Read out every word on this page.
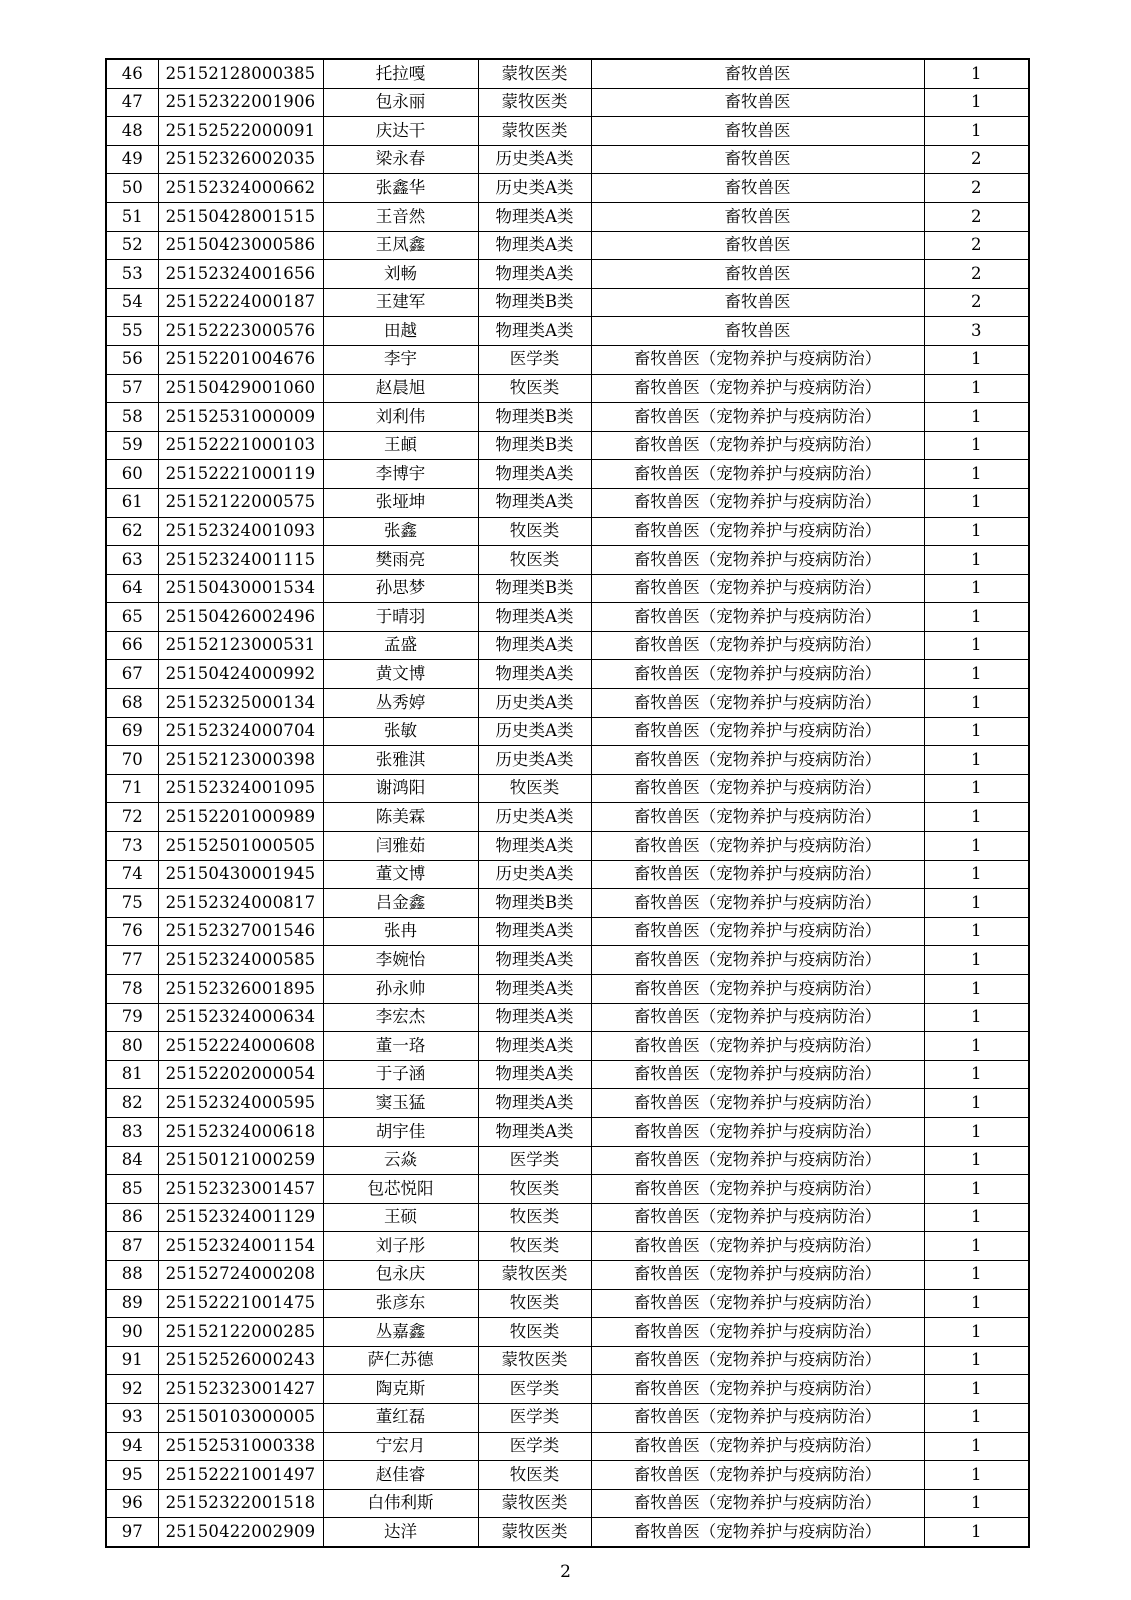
46	25152128000385	托拉嘎	蒙牧医类	畜牧兽医	1
47	25152322001906	包永丽	蒙牧医类	畜牧兽医	1
48	25152522000091	庆达干	蒙牧医类	畜牧兽医	1
49	25152326002035	梁永春	历史类A类	畜牧兽医	2
50	25152324000662	张鑫华	历史类A类	畜牧兽医	2
51	25150428001515	王音然	物理类A类	畜牧兽医	2
52	25150423000586	王凤鑫	物理类A类	畜牧兽医	2
53	25152324001656	刘畅	物理类A类	畜牧兽医	2
54	25152224000187	王建军	物理类B类	畜牧兽医	2
55	25152223000576	田越	物理类A类	畜牧兽医	3
56	25152201004676	李宇	医学类	畜牧兽医（宠物养护与疫病防治）	1
57	25150429001060	赵晨旭	牧医类	畜牧兽医（宠物养护与疫病防治）	1
58	25152531000009	刘利伟	物理类B类	畜牧兽医（宠物养护与疫病防治）	1
59	25152221000103	王頔	物理类B类	畜牧兽医（宠物养护与疫病防治）	1
60	25152221000119	李博宇	物理类A类	畜牧兽医（宠物养护与疫病防治）	1
61	25152122000575	张垭坤	物理类A类	畜牧兽医（宠物养护与疫病防治）	1
62	25152324001093	张鑫	牧医类	畜牧兽医（宠物养护与疫病防治）	1
63	25152324001115	樊雨亮	牧医类	畜牧兽医（宠物养护与疫病防治）	1
64	25150430001534	孙思梦	物理类B类	畜牧兽医（宠物养护与疫病防治）	1
65	25150426002496	于晴羽	物理类A类	畜牧兽医（宠物养护与疫病防治）	1
66	25152123000531	孟盛	物理类A类	畜牧兽医（宠物养护与疫病防治）	1
67	25150424000992	黄文博	物理类A类	畜牧兽医（宠物养护与疫病防治）	1
68	25152325000134	丛秀婷	历史类A类	畜牧兽医（宠物养护与疫病防治）	1
69	25152324000704	张敏	历史类A类	畜牧兽医（宠物养护与疫病防治）	1
70	25152123000398	张雅淇	历史类A类	畜牧兽医（宠物养护与疫病防治）	1
71	25152324001095	谢鸿阳	牧医类	畜牧兽医（宠物养护与疫病防治）	1
72	25152201000989	陈美霖	历史类A类	畜牧兽医（宠物养护与疫病防治）	1
73	25152501000505	闫雅茹	物理类A类	畜牧兽医（宠物养护与疫病防治）	1
74	25150430001945	董文博	历史类A类	畜牧兽医（宠物养护与疫病防治）	1
75	25152324000817	吕金鑫	物理类B类	畜牧兽医（宠物养护与疫病防治）	1
76	25152327001546	张冉	物理类A类	畜牧兽医（宠物养护与疫病防治）	1
77	25152324000585	李婉怡	物理类A类	畜牧兽医（宠物养护与疫病防治）	1
78	25152326001895	孙永帅	物理类A类	畜牧兽医（宠物养护与疫病防治）	1
79	25152324000634	李宏杰	物理类A类	畜牧兽医（宠物养护与疫病防治）	1
80	25152224000608	董一珞	物理类A类	畜牧兽医（宠物养护与疫病防治）	1
81	25152202000054	于子涵	物理类A类	畜牧兽医（宠物养护与疫病防治）	1
82	25152324000595	窦玉猛	物理类A类	畜牧兽医（宠物养护与疫病防治）	1
83	25152324000618	胡宇佳	物理类A类	畜牧兽医（宠物养护与疫病防治）	1
84	25150121000259	云焱	医学类	畜牧兽医（宠物养护与疫病防治）	1
85	25152323001457	包芯悦阳	牧医类	畜牧兽医（宠物养护与疫病防治）	1
86	25152324001129	王硕	牧医类	畜牧兽医（宠物养护与疫病防治）	1
87	25152324001154	刘子彤	牧医类	畜牧兽医（宠物养护与疫病防治）	1
88	25152724000208	包永庆	蒙牧医类	畜牧兽医（宠物养护与疫病防治）	1
89	25152221001475	张彦东	牧医类	畜牧兽医（宠物养护与疫病防治）	1
90	25152122000285	丛嘉鑫	牧医类	畜牧兽医（宠物养护与疫病防治）	1
91	25152526000243	萨仁苏德	蒙牧医类	畜牧兽医（宠物养护与疫病防治）	1
92	25152323001427	陶克斯	医学类	畜牧兽医（宠物养护与疫病防治）	1
93	25150103000005	董红磊	医学类	畜牧兽医（宠物养护与疫病防治）	1
94	25152531000338	宁宏月	医学类	畜牧兽医（宠物养护与疫病防治）	1
95	25152221001497	赵佳睿	牧医类	畜牧兽医（宠物养护与疫病防治）	1
96	25152322001518	白伟利斯	蒙牧医类	畜牧兽医（宠物养护与疫病防治）	1
97	25150422002909	达洋	蒙牧医类	畜牧兽医（宠物养护与疫病防治）	1
2
